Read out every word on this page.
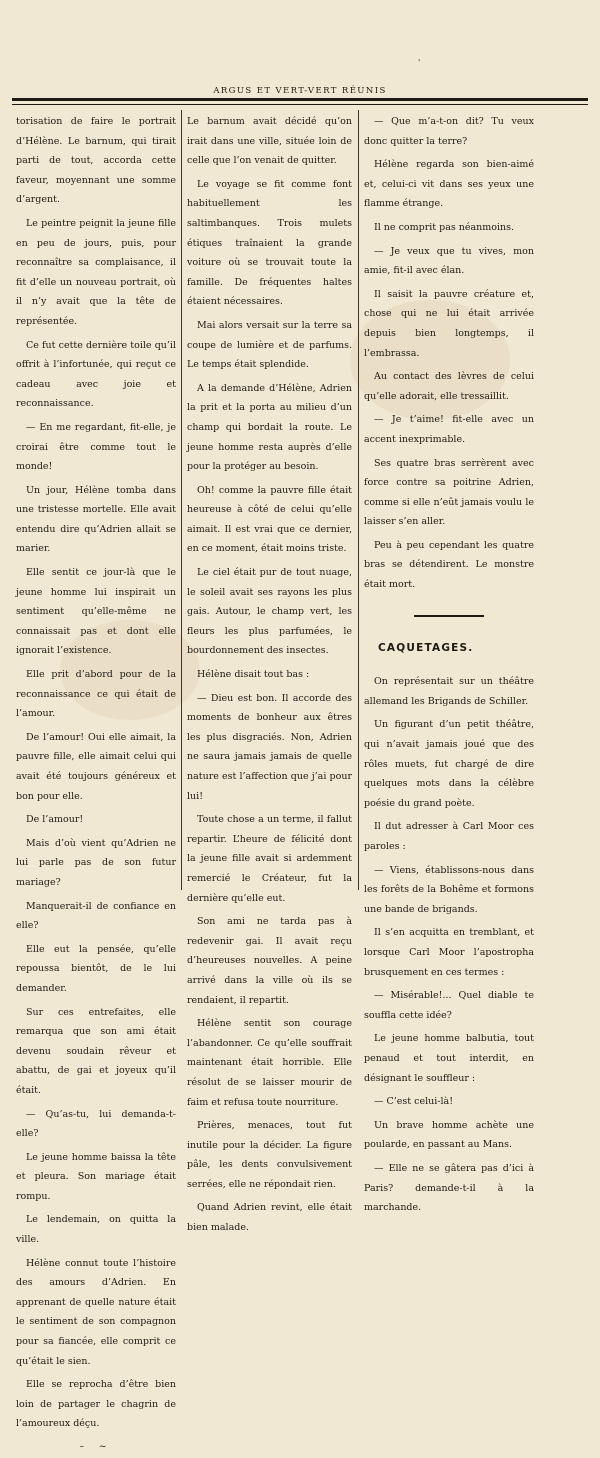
'
ARGUS ET VERT-VERT RÉUNIS

torisation de faire le portrait d’Hélène. Le barnum, qui tirait parti de tout, accorda cette faveur, moyennant une somme d’argent.

Le peintre peignit la jeune fille en peu de jours, puis, pour reconnaître sa complaisance, il fit d’elle un nouveau portrait, où il n’y avait que la tête de représentée.

Ce fut cette dernière toile qu’il offrit à l’infortunée, qui reçut ce cadeau avec joie et reconnaissance.

— En me regardant, fit-elle, je croirai être comme tout le monde!

Un jour, Hélène tomba dans une tristesse mortelle. Elle avait entendu dire qu’Adrien allait se marier.

Elle sentit ce jour-là que le jeune homme lui inspirait un sentiment qu’elle-même ne connaissait pas et dont elle ignorait l’existence.

Elle prit d’abord pour de la reconnaissance ce qui était de l’amour.

De l’amour! Oui elle aimait, la pauvre fille, elle aimait celui qui avait été toujours généreux et bon pour elle.

De l’amour!

Mais d’où vient qu’Adrien ne lui parle pas de son futur mariage?

Manquerait-il de confiance en elle?

Elle eut la pensée, qu’elle repoussa bientôt, de le lui demander.

Sur ces entrefaites, elle remarqua que son ami était devenu soudain rêveur et abattu, de gai et joyeux qu’il était.

— Qu’as-tu, lui demanda-t-elle?

Le jeune homme baissa la tête et pleura. Son mariage était rompu.

Le lendemain, on quitta la ville.

Hélène connut toute l’histoire des amours d’Adrien. En apprenant de quelle nature était le sentiment de son compagnon pour sa fiancée, elle comprit ce qu’était le sien.

Elle se reprocha d’être bien loin de partager le chagrin de l’amoureux déçu.

– ~

Le barnum avait décidé qu’on irait dans une ville, située loin de celle que l’on venait de quitter.

Le voyage se fit comme font habituellement les saltimbanques. Trois mulets étiques traînaient la grande voiture où se trouvait toute la famille. De fréquentes haltes étaient nécessaires.

Mai alors versait sur la terre sa coupe de lumière et de parfums. Le temps était splendide.

A la demande d’Hélène, Adrien la prit et la porta au milieu d’un champ qui bordait la route. Le jeune homme resta auprès d’elle pour la protéger au besoin.

Oh! comme la pauvre fille était heureuse à côté de celui qu’elle aimait. Il est vrai que ce dernier, en ce moment, était moins triste.

Le ciel était pur de tout nuage, le soleil avait ses rayons les plus gais. Autour, le champ vert, les fleurs les plus parfumées, le bourdonnement des insectes.

Hélène disait tout bas :

— Dieu est bon. Il accorde des moments de bonheur aux êtres les plus disgraciés. Non, Adrien ne saura jamais jamais de quelle nature est l’affection que j’ai pour lui!

Toute chose a un terme, il fallut repartir. L’heure de félicité dont la jeune fille avait si ardemment remercié le Créateur, fut la dernière qu’elle eut.

Son ami ne tarda pas à redevenir gai. Il avait reçu d’heureuses nouvelles. A peine arrivé dans la ville où ils se rendaient, il repartit.

Hélène sentit son courage l’abandonner. Ce qu’elle souffrait maintenant était horrible. Elle résolut de se laisser mourir de faim et refusa toute nourriture.

Prières, menaces, tout fut inutile pour la décider. La figure pâle, les dents convulsivement serrées, elle ne répondait rien.

Quand Adrien revint, elle était bien malade.

— Que m’a-t-on dit? Tu veux donc quitter la terre?

Hélène regarda son bien-aimé et, celui-ci vit dans ses yeux une flamme étrange.

Il ne comprit pas néanmoins.

— Je veux que tu vives, mon amie, fit-il avec élan.

Il saisit la pauvre créature et, chose qui ne lui était arrivée depuis bien longtemps, il l’embrassa.

Au contact des lèvres de celui qu’elle adorait, elle tressaillit.

— Je t’aime! fit-elle avec un accent inexprimable.

Ses quatre bras serrèrent avec force contre sa poitrine Adrien, comme si elle n’eût jamais voulu le laisser s’en aller.

Peu à peu cependant les quatre bras se détendirent. Le monstre était mort.

CAQUETAGES.

On représentait sur un théâtre allemand les Brigands de Schiller.

Un figurant d’un petit théâtre, qui n’avait jamais joué que des rôles muets, fut chargé de dire quelques mots dans la célèbre poésie du grand poète.

Il dut adresser à Carl Moor ces paroles :

— Viens, établissons-nous dans les forêts de la Bohême et formons une bande de brigands.

Il s’en acquitta en tremblant, et lorsque Carl Moor l’apostropha brusquement en ces termes :

— Misérable!... Quel diable te souffla cette idée?

Le jeune homme balbutia, tout penaud et tout interdit, en désignant le souffleur :

— C’est celui-là!

Un brave homme achète une poularde, en passant au Mans.

— Elle ne se gâtera pas d’ici à Paris? demande-t-il à la marchande.
